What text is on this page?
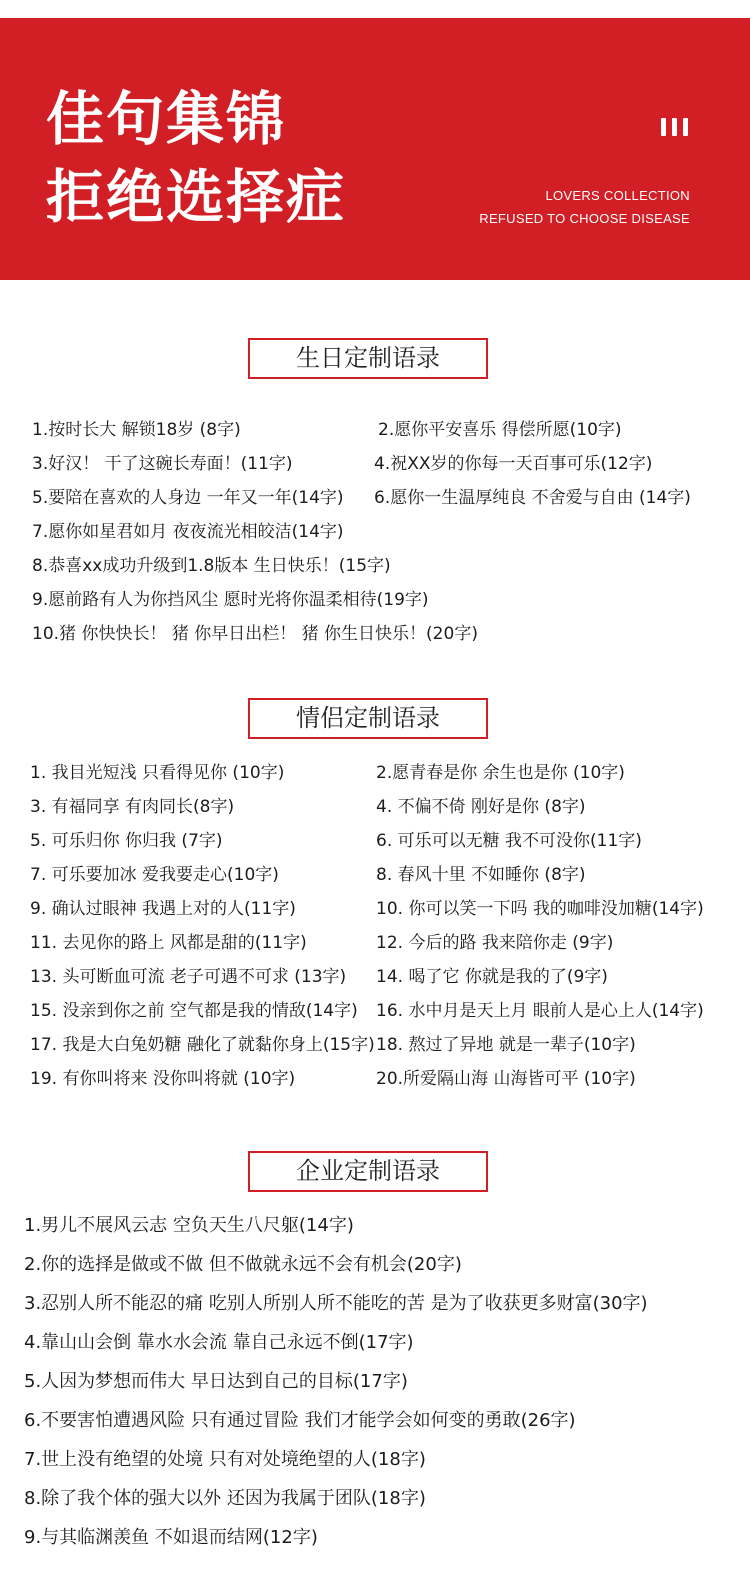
佳句集锦
拒绝选择症	LOVERS COLLECTION
REFUSED TO CHOOSE DISEASE
生日定制语录
1.按时长大 解锁18岁 (8字)	2.愿你平安喜乐 得偿所愿(10字)
3.好汉！ 干了这碗长寿面！(11字)	4.祝XX岁的你每一天百事可乐(12字)
5.要陪在喜欢的人身边 一年又一年(14字) 6.愿你一生温厚纯良 不舍爱与自由 (14字)
7.愿你如星君如月 夜夜流光相皎洁(14字)
8.恭喜xx成功升级到1.8版本 生日快乐！(15字)
9.愿前路有人为你挡风尘 愿时光将你温柔相待(19字)
10.猪 你快快长！ 猪 你早日出栏！ 猪 你生日快乐！(20字)
情侣定制语录
1. 我目光短浅 只看得见你 (10字)	2.愿青春是你 余生也是你 (10字)
3. 有福同享 有肉同长(8字)	4. 不偏不倚 刚好是你 (8字)
5. 可乐归你 你归我 (7字)	6. 可乐可以无糖 我不可没你(11字)
7. 可乐要加冰 爱我要走心(10字)	8. 春风十里 不如睡你 (8字)
9. 确认过眼神 我遇上对的人(11字)	10. 你可以笑一下吗 我的咖啡没加糖(14字)
11. 去见你的路上 风都是甜的(11字)	12. 今后的路 我来陪你走 (9字)
13. 头可断血可流 老子可遇不可求 (13字) 14. 喝了它 你就是我的了(9字)
15. 没亲到你之前 空气都是我的情敌(14字) 16. 水中月是天上月 眼前人是心上人(14字)
17. 我是大白兔奶糖 融化了就黏你身上(15字) 18. 熬过了异地 就是一辈子(10字)
19. 有你叫将来 没你叫将就 (10字)	20.所爱隔山海 山海皆可平 (10字)
企业定制语录
1.男儿不展风云志 空负天生八尺躯(14字)
2.你的选择是做或不做 但不做就永远不会有机会(20字)
3.忍别人所不能忍的痛 吃别人所别人所不能吃的苦 是为了收获更多财富(30字)
4.靠山山会倒 靠水水会流 靠自己永远不倒(17字)
5.人因为梦想而伟大 早日达到自己的目标(17字)
6.不要害怕遭遇风险 只有通过冒险 我们才能学会如何变的勇敢(26字)
7.世上没有绝望的处境 只有对处境绝望的人(18字)
8.除了我个体的强大以外 还因为我属于团队(18字)
9.与其临渊羡鱼 不如退而结网(12字)
